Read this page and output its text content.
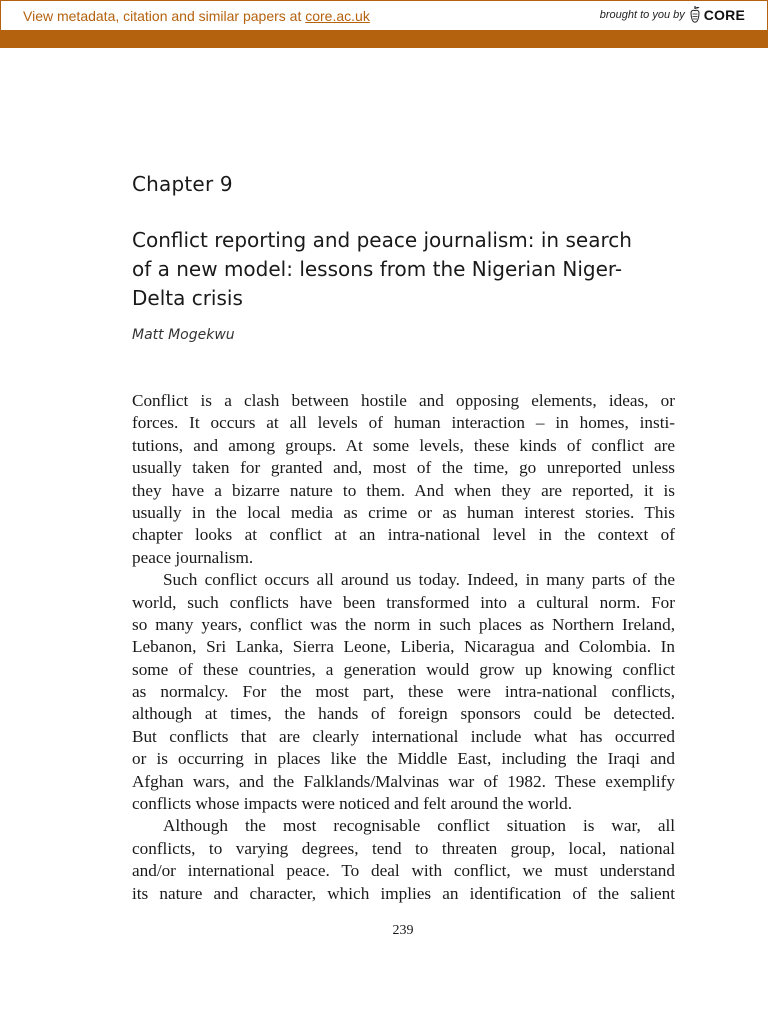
View metadata, citation and similar papers at core.ac.uk	brought to you by CORE
provided by Sydney eScholarship
Chapter 9
Conflict reporting and peace journalism: in search
of a new model: lessons from the Nigerian Niger-
Delta crisis
Matt Mogekwu
Conflict is a clash between hostile and opposing elements, ideas, or
forces. It occurs at all levels of human interaction – in homes, insti-
tutions, and among groups. At some levels, these kinds of conflict are
usually taken for granted and, most of the time, go unreported unless
they have a bizarre nature to them. And when they are reported, it is
usually in the local media as crime or as human interest stories. This
chapter looks at conflict at an intra-national level in the context of
peace journalism.
Such conflict occurs all around us today. Indeed, in many parts of the
world, such conflicts have been transformed into a cultural norm. For
so many years, conflict was the norm in such places as Northern Ireland,
Lebanon, Sri Lanka, Sierra Leone, Liberia, Nicaragua and Colombia. In
some of these countries, a generation would grow up knowing conflict
as normalcy. For the most part, these were intra-national conflicts,
although at times, the hands of foreign sponsors could be detected.
But conflicts that are clearly international include what has occurred
or is occurring in places like the Middle East, including the Iraqi and
Afghan wars, and the Falklands/Malvinas war of 1982. These exemplify
conflicts whose impacts were noticed and felt around the world.
Although the most recognisable conflict situation is war, all
conflicts, to varying degrees, tend to threaten group, local, national
and/or international peace. To deal with conflict, we must understand
its nature and character, which implies an identification of the salient
239
